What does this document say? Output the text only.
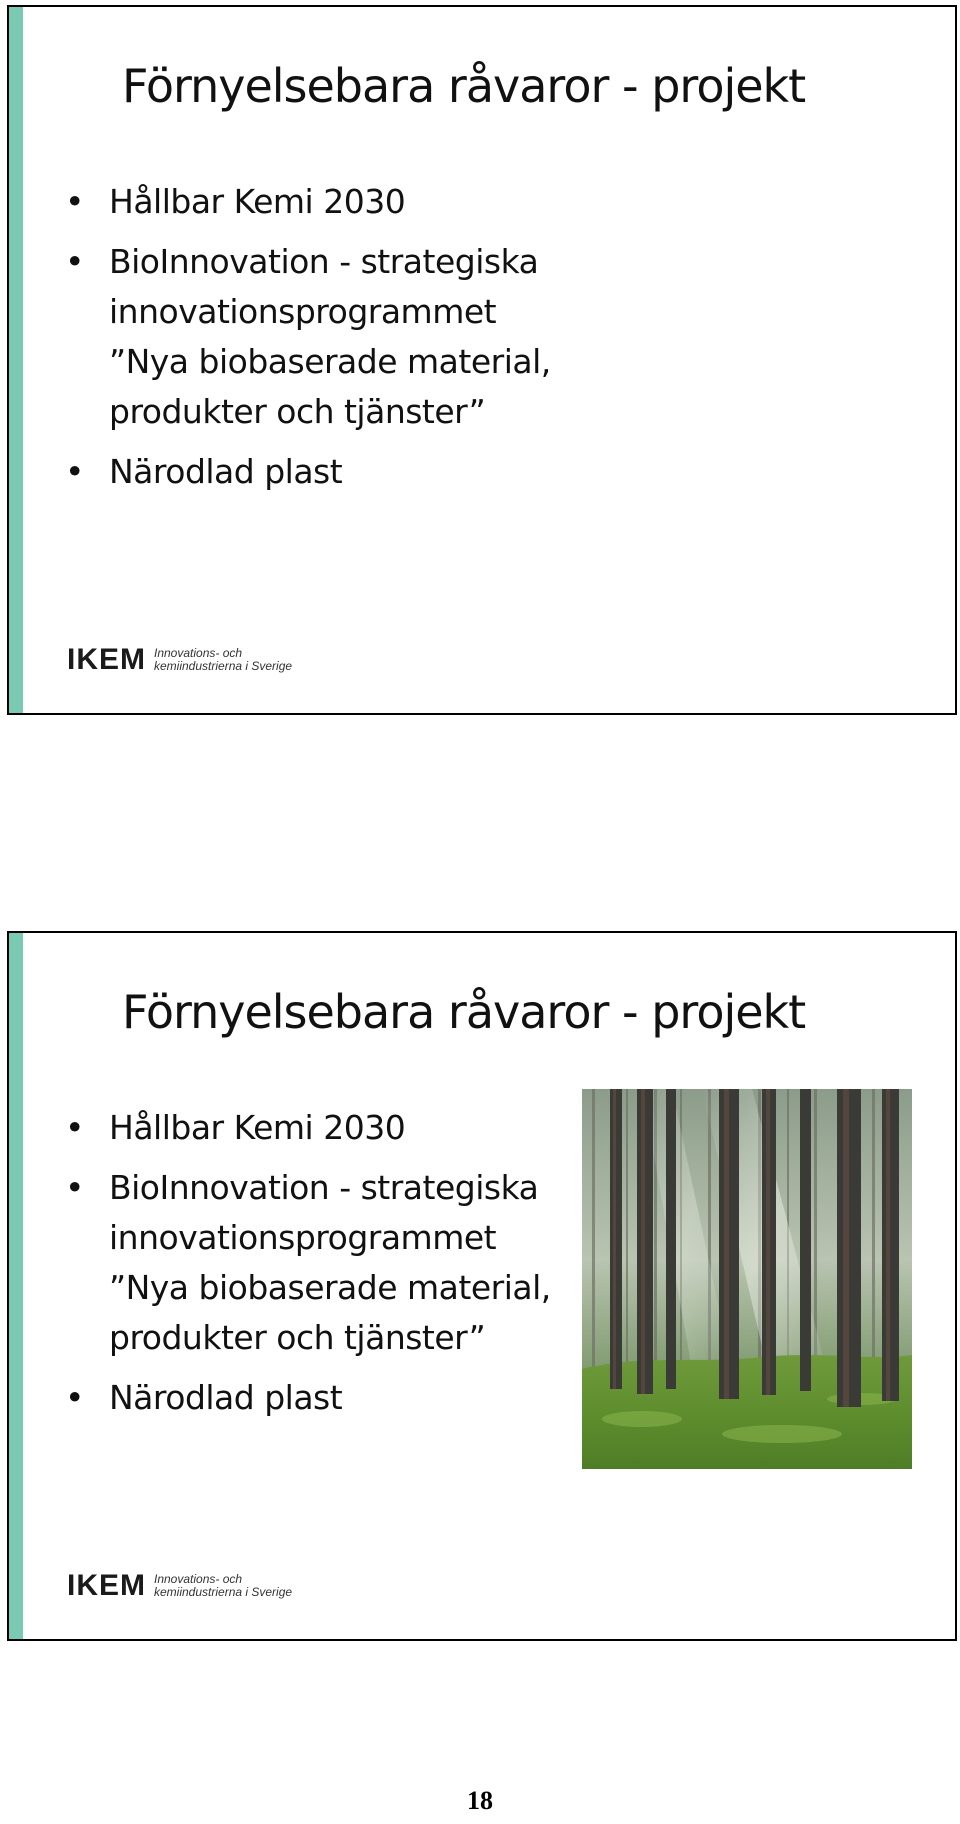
Förnyelsebara råvaror - projekt
• Hållbar Kemi 2030
• BioInnovation - strategiska
innovationsprogrammet
”Nya biobaserade material,
produkter och tjänster”
• Närodlad plast
IKEM Innovations- och
kemiindustrierna i Sverige
Förnyelsebara råvaror - projekt
• Hållbar Kemi 2030
• BioInnovation - strategiska
innovationsprogrammet
”Nya biobaserade material,
produkter och tjänster”
• Närodlad plast
IKEM Innovations- och
kemiindustrierna i Sverige
18
